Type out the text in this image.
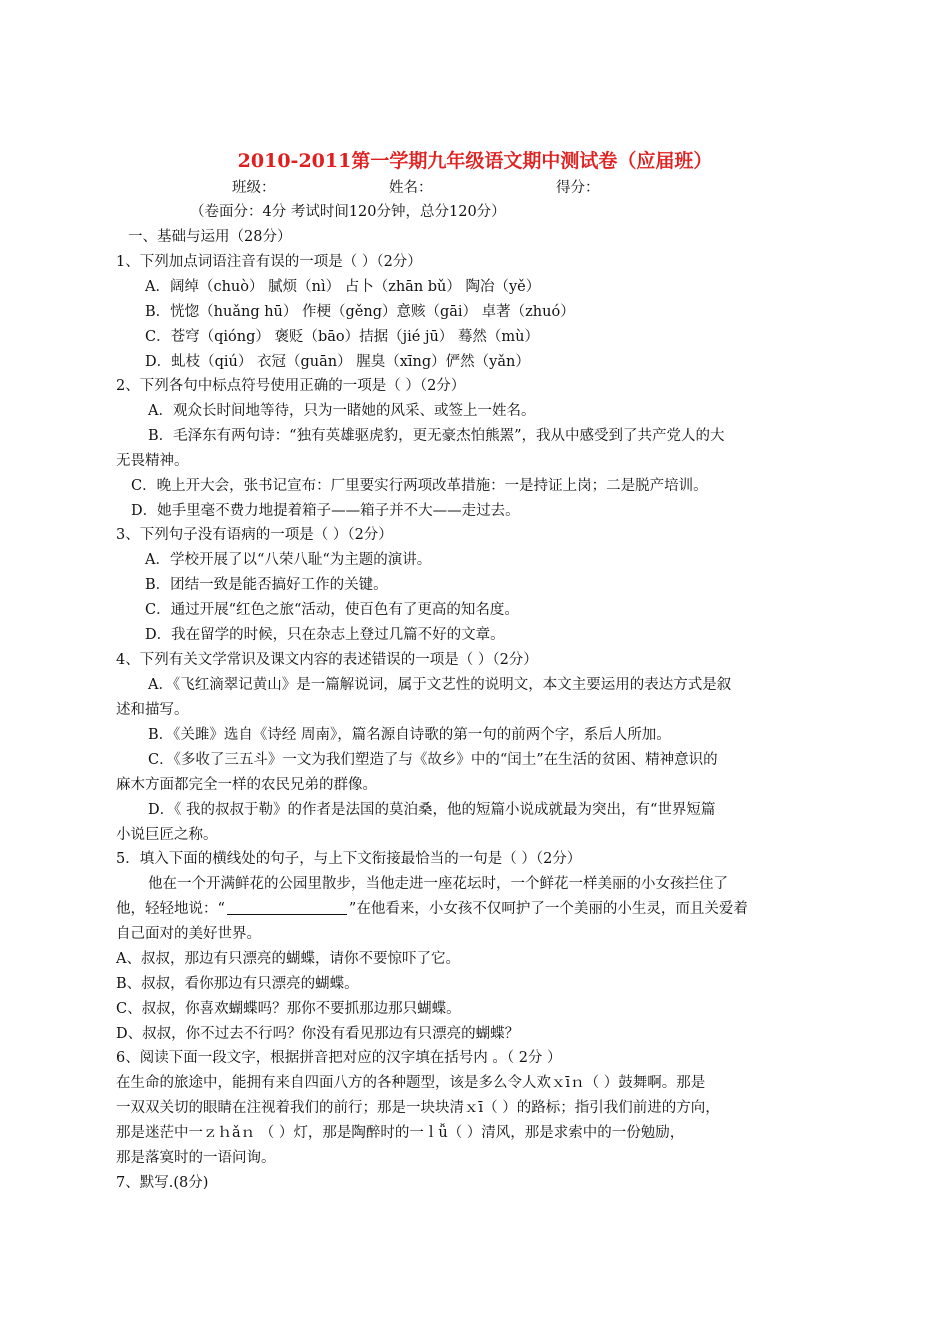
2010-2011第一学期九年级语文期中测试卷（应届班）
班级：	姓名：	得分：
（卷面分：4分 考试时间120分钟，总分120分）
一、基础与运用（28分）
1、下列加点词语注音有误的一项是（ ）（2分）
A．阔绰（chuò） 腻烦（nì） 占卜（zhān bǔ） 陶冶（yě）
B．恍惚（huǎng hū） 作梗（gěng）意赅（gāi） 卓著（zhuó）
C．苍穹（qióng） 褒贬（bāo）拮据（jié jū） 蓦然（mù）
D．虬枝（qiú） 衣冠（guān） 腥臭（xīng）俨然（yǎn）
2、下列各句中标点符号使用正确的一项是（ ）（2分）
A．观众长时间地等待，只为一睹她的风采、或签上一姓名。
B．毛泽东有两句诗：“独有英雄驱虎豹，更无豪杰怕熊罴”，我从中感受到了共产党人的大
无畏精神。
C．晚上开大会，张书记宣布：厂里要实行两项改革措施：一是持证上岗；二是脱产培训。
D．她手里毫不费力地提着箱子——箱子并不大——走过去。
3、下列句子没有语病的一项是（ ）（2分）
A．学校开展了以“八荣八耻“为主题的演讲。
B．团结一致是能否搞好工作的关键。
C．通过开展“红色之旅“活动，使百色有了更高的知名度。
D．我在留学的时候，只在杂志上登过几篇不好的文章。
4、下列有关文学常识及课文内容的表述错误的一项是（ ）（2分）
A．《飞红滴翠记黄山》是一篇解说词，属于文艺性的说明文，本文主要运用的表达方式是叙
述和描写。
B．《关雎》选自《诗经 周南》，篇名源自诗歌的第一句的前两个字，系后人所加。
C．《多收了三五斗》一文为我们塑造了与《故乡》中的“闰土”在生活的贫困、精神意识的
麻木方面都完全一样的农民兄弟的群像。
D．《 我的叔叔于勒》的作者是法国的莫泊桑，他的短篇小说成就最为突出，有“世界短篇
小说巨匠之称。
5．填入下面的横线处的句子，与上下文衔接最恰当的一句是（ ）（2分）
他在一个开满鲜花的公园里散步，当他走进一座花坛时，一个鲜花一样美丽的小女孩拦住了
他，轻轻地说：“	”在他看来，小女孩不仅呵护了一个美丽的小生灵，而且关爱着
自己面对的美好世界。
A、叔叔，那边有只漂亮的蝴蝶，请你不要惊吓了它。
B、叔叔，看你那边有只漂亮的蝴蝶。
C、叔叔，你喜欢蝴蝶吗？那你不要抓那边那只蝴蝶。
D、叔叔，你不过去不行吗？你没有看见那边有只漂亮的蝴蝶？
6、阅读下面一段文字，根据拼音把对应的汉字填在括号内 。（ 2分 ）
在生命的旅途中，能拥有来自四面八方的各种题型，该是多么令人欢ｘīｎ（ ）鼓舞啊。那是
一双双关切的眼睛在注视着我们的前行；那是一块块清ｘī（ ）的路标；指引我们前进的方向，
那是迷茫中一ｚｈǎｎ （ ）灯，那是陶醉时的一ｌǚ（ ）清风，那是求索中的一份勉励，
那是落寞时的一语问询。
7、默写.(8分)
